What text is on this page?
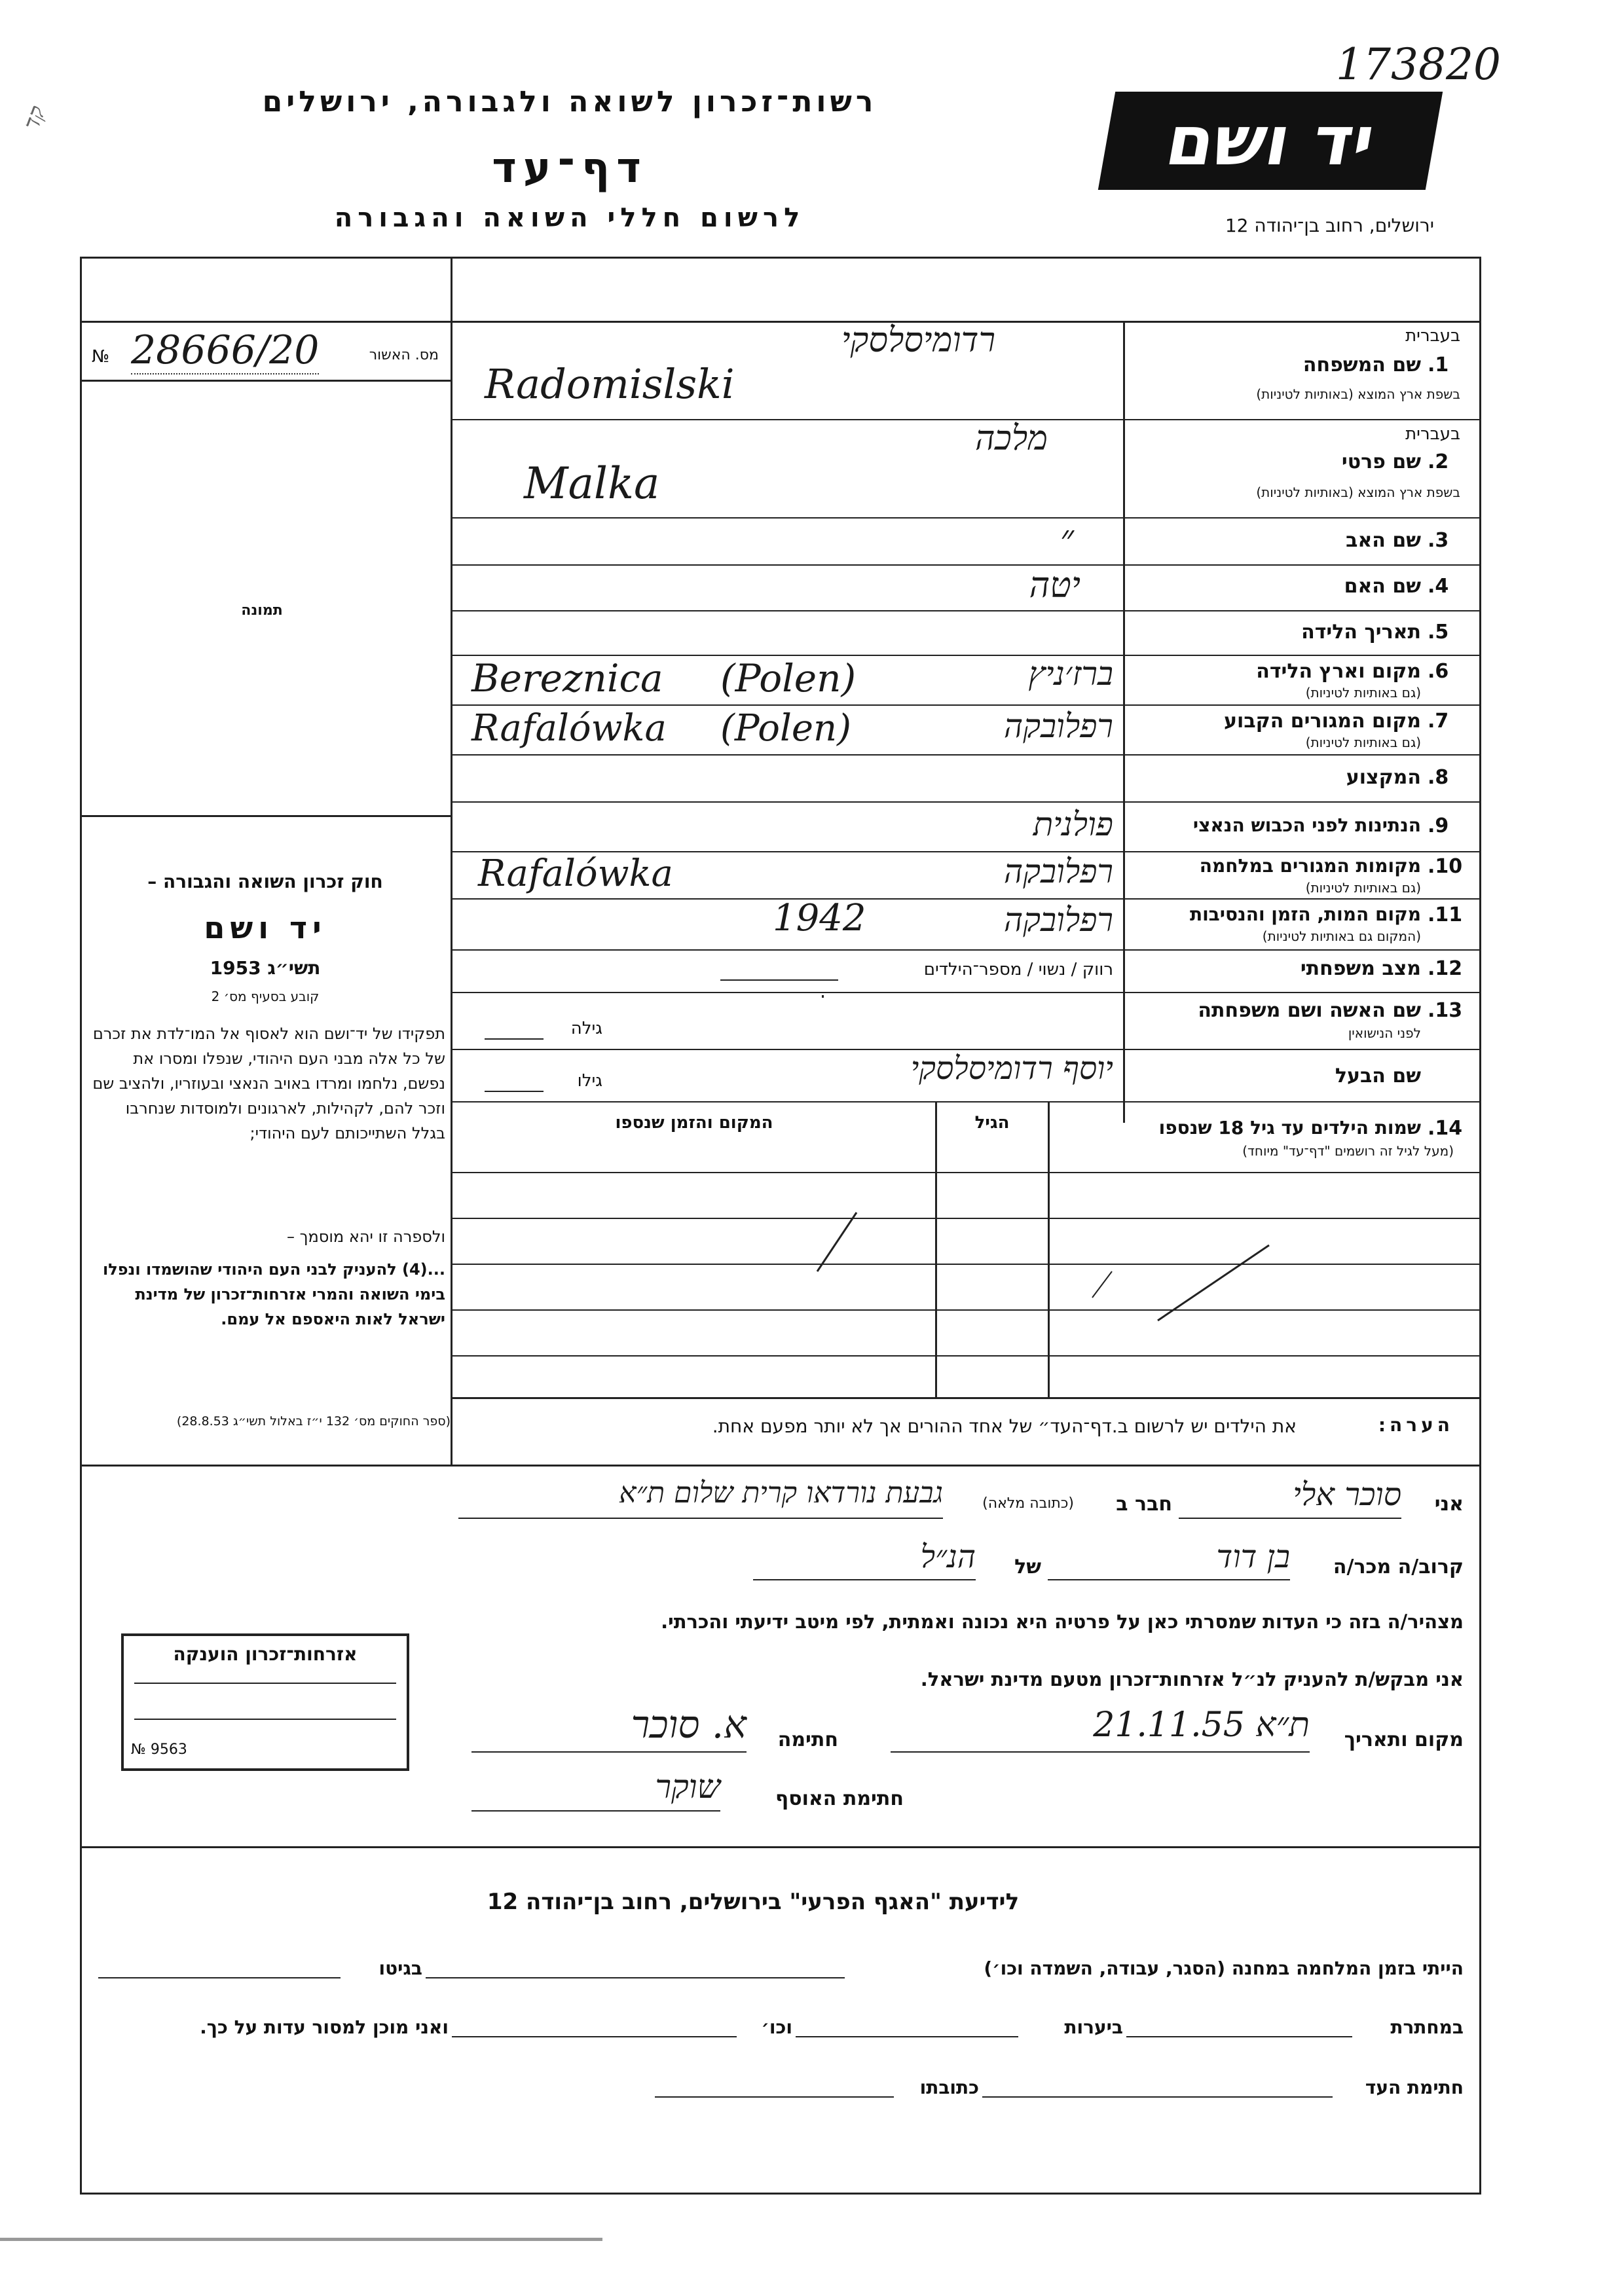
רשות־זכרון לשואה ולגבורה, ירושלים
דף־עד
לרשום חללי השואה והגבורה
יד ושם
173820
ירושלים, רחוב בן־יהודה 12
קד
מס. האשור
28666/20
№
תמונה
1.
שם המשפחה
בעברית
בשפת ארץ המוצא (באותיות לטיניות)
רדומיסלסקי
Radomislski
2.
שם פרטי
בעברית
בשפת ארץ המוצא (באותיות לטיניות)
מלכה
Malka
3.
שם האב
״
4.
שם האם
יטה
5.
תאריך הלידה
6.
מקום וארץ הלידה
(גם באותיות לטיניות)
ברז׳ניץ
Bereznica (Polen)
7.
מקום המגורים הקבוע
(גם באותיות לטיניות)
רפלובקה
Rafalówka (Polen)
8.
המקצוע
9.
הנתינות לפני הכבוש הנאצי
פולנית
10.
מקומות המגורים במלחמה
(גם באותיות לטיניות)
רפלובקה
Rafalówka
11.
מקום המות, הזמן והנסיבות
(המקום גם באותיות לטיניות)
רפלובקה
1942
12.
מצב משפחתי
רווק / נשוי / מספר־הילדים
13.
שם האשה ושם משפחתה
לפני הנישואין
גילה
שם הבעל
יוסף רדומיסלסקי
גילו
14.
שמות הילדים עד גיל 18 שנספו
(מעל לגיל זה רושמים "דף־עד" מיוחד)
הגיל
המקום והזמן שנספו
הערה:
את הילדים יש לרשום ב.דף־העד״ של אחד ההורים אך לא יותר מפעם אחת.
חוק זכרון השואה והגבורה –
יד ושם
תשי״ג 1953
קובע בסעיף מס׳ 2
תפקידו של יד־ושם הוא לאסוף אל המו־לדת את זכרם של כל אלה מבני העם היהודי, שנפלו ומסרו את נפשם, נלחמו ומרדו באויב הנאצי ובעוזריו, ולהציב שם וזכר להם, לקהילות, לארגונים ולמוסדות שנחרבו בגלל השתייכותם לעם היהודי;
ולספרה זו יהא מוסמך –
...(4) להעניק לבני העם היהודי שהושמדו ונפלו בימי השואה והמרי אזרחות־זכרון של מדינת ישראל לאות היאספם אל עמם.
(ספר החוקים מס׳ 132 י״ז באלול תשי״ג 28.8.53)
אזרחות־זכרון הוענקה
№ 9563
אני
סוכר אלי
חבר ב
(כתובה מלאה)
גבעת נורדאו קרית שלום ת״א
קרוב/ה מכר/ה
בן דוד
של
הנ״ל
מצהיר/ה בזה כי העדות שמסרתי כאן על פרטיה היא נכונה ואמתית, לפי מיטב ידיעתי והכרתי.
אני מבקש/ת להעניק לנ״ל אזרחות־זכרון מטעם מדינת ישראל.
מקום ותאריך
ת״א 21.11.55
חתימה
א. סוכר
חתימת האוסף
שוקר
לידיעת "האגף הפרעי" בירושלים, רחוב בן־יהודה 12
הייתי בזמן המלחמה במחנה (הסגר, עבודה, השמדה וכו׳)
בגיטו
במחתרת
ביערות
וכו׳
ואני מוכן למסור עדות על כך.
חתימת העד
כתובתו
